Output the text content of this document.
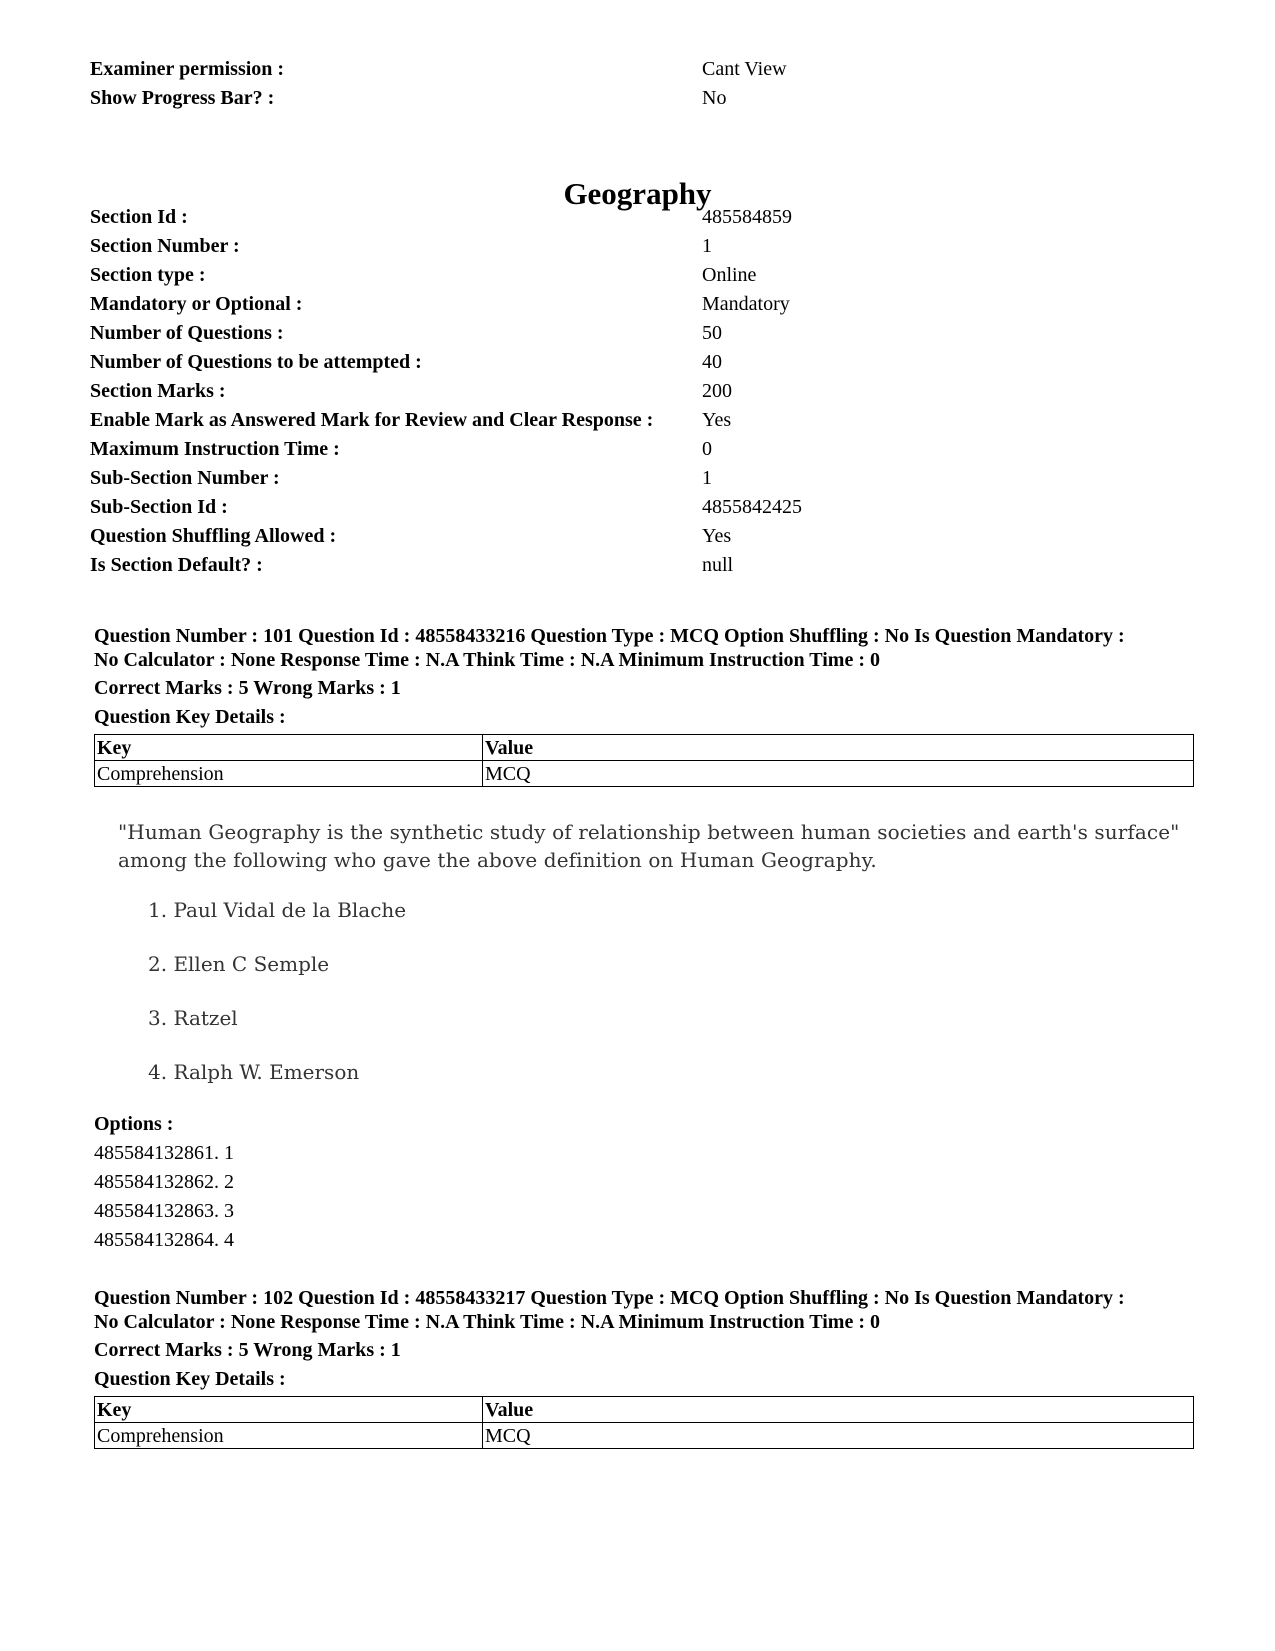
Examiner permission :	Cant View
Show Progress Bar? :	No
Geography
Section Id :	485584859
Section Number :	1
Section type :	Online
Mandatory or Optional :	Mandatory
Number of Questions :	50
Number of Questions to be attempted :	40
Section Marks :	200
Enable Mark as Answered Mark for Review and Clear Response : Yes
Maximum Instruction Time :	0
Sub-Section Number :	1
Sub-Section Id :	4855842425
Question Shuffling Allowed :	Yes
Is Section Default? :	null
Question Number : 101 Question Id : 48558433216 Question Type : MCQ Option Shuffling : No Is Question Mandatory :
No Calculator : None Response Time : N.A Think Time : N.A Minimum Instruction Time : 0
Correct Marks : 5 Wrong Marks : 1
Question Key Details :
Key	Value
Comprehension	MCQ
"Human Geography is the synthetic study of relationship between human societies and earth's surface" among the following who gave the above definition on Human Geography.
1. Paul Vidal de la Blache
2. Ellen C Semple
3. Ratzel
4. Ralph W. Emerson
Options :
485584132861. 1
485584132862. 2
485584132863. 3
485584132864. 4
Question Number : 102 Question Id : 48558433217 Question Type : MCQ Option Shuffling : No Is Question Mandatory :
No Calculator : None Response Time : N.A Think Time : N.A Minimum Instruction Time : 0
Correct Marks : 5 Wrong Marks : 1
Question Key Details :
Key	Value
Comprehension	MCQ
